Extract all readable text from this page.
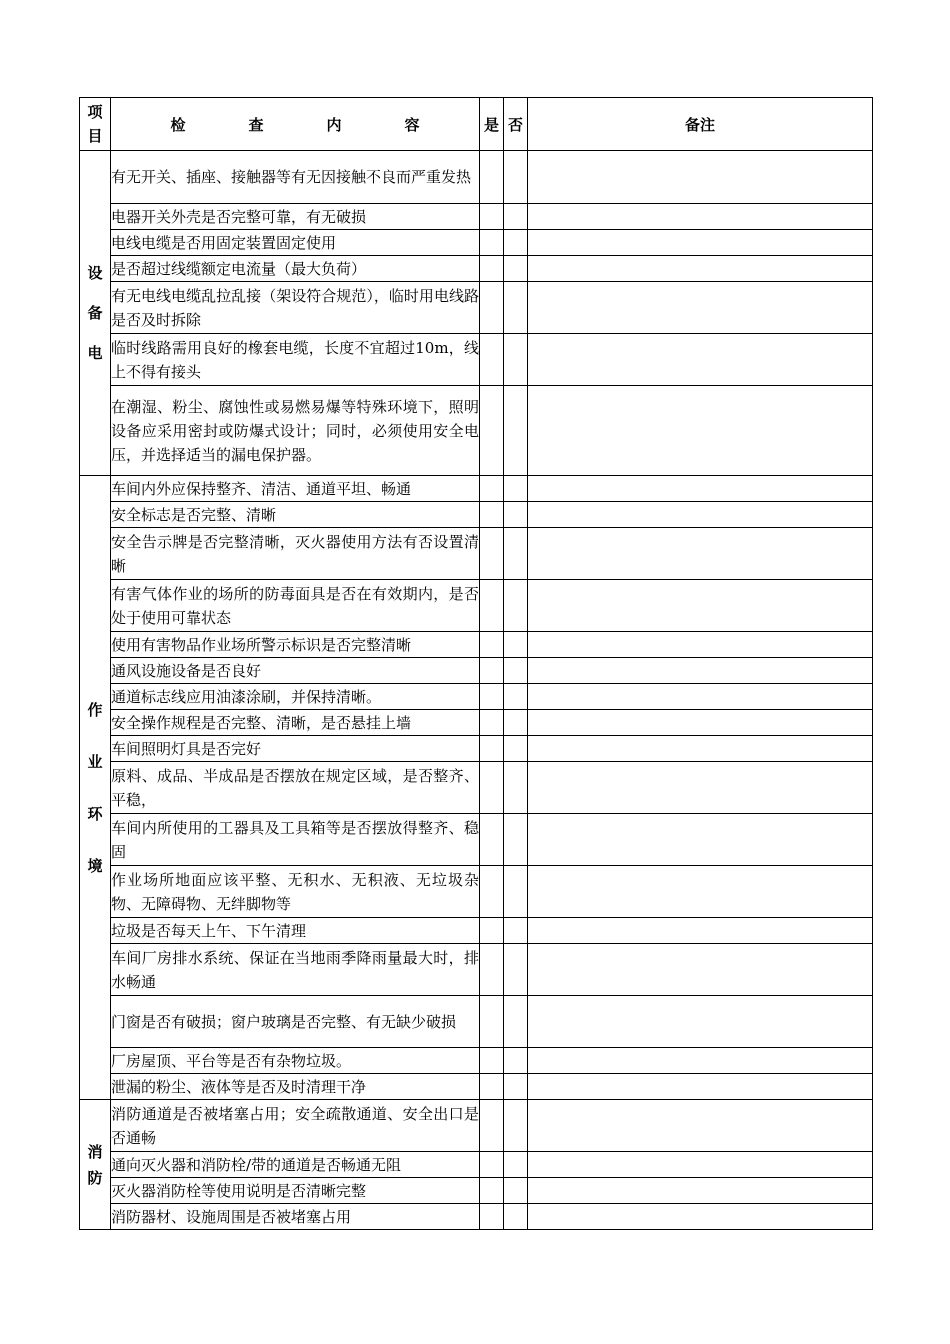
项目	检查内容	是	否	备注

设备电	有无开关、插座、接触器等有无因接触不良而严重发热			
	电器开关外壳是否完整可靠，有无破损			
	电线电缆是否用固定装置固定使用			
	是否超过线缆额定电流量（最大负荷）			
	有无电线电缆乱拉乱接（架设符合规范），临时用电线路是否及时拆除			
	临时线路需用良好的橡套电缆，长度不宜超过10m，线上不得有接头			
	在潮湿、粉尘、腐蚀性或易燃易爆等特殊环境下，照明设备应采用密封或防爆式设计；同时，必须使用安全电压，并选择适当的漏电保护器。			

作业环境	车间内外应保持整齐、清洁、通道平坦、畅通			
	安全标志是否完整、清晰			
	安全告示牌是否完整清晰，灭火器使用方法有否设置清晰			
	有害气体作业的场所的防毒面具是否在有效期内，是否处于使用可靠状态			
	使用有害物品作业场所警示标识是否完整清晰			
	通风设施设备是否良好			
	通道标志线应用油漆涂刷，并保持清晰。			
	安全操作规程是否完整、清晰，是否悬挂上墙			
	车间照明灯具是否完好			
	原料、成品、半成品是否摆放在规定区域，是否整齐、平稳，			
	车间内所使用的工器具及工具箱等是否摆放得整齐、稳固			
	作业场所地面应该平整、无积水、无积液、无垃圾杂物、无障碍物、无绊脚物等			
	垃圾是否每天上午、下午清理			
	车间厂房排水系统、保证在当地雨季降雨量最大时，排水畅通			
	门窗是否有破损；窗户玻璃是否完整、有无缺少破损			
	厂房屋顶、平台等是否有杂物垃圾。			
	泄漏的粉尘、液体等是否及时清理干净			

消防	消防通道是否被堵塞占用；安全疏散通道、安全出口是否通畅			
	通向灭火器和消防栓/带的通道是否畅通无阻			
	灭火器消防栓等使用说明是否清晰完整			
	消防器材、设施周围是否被堵塞占用			
